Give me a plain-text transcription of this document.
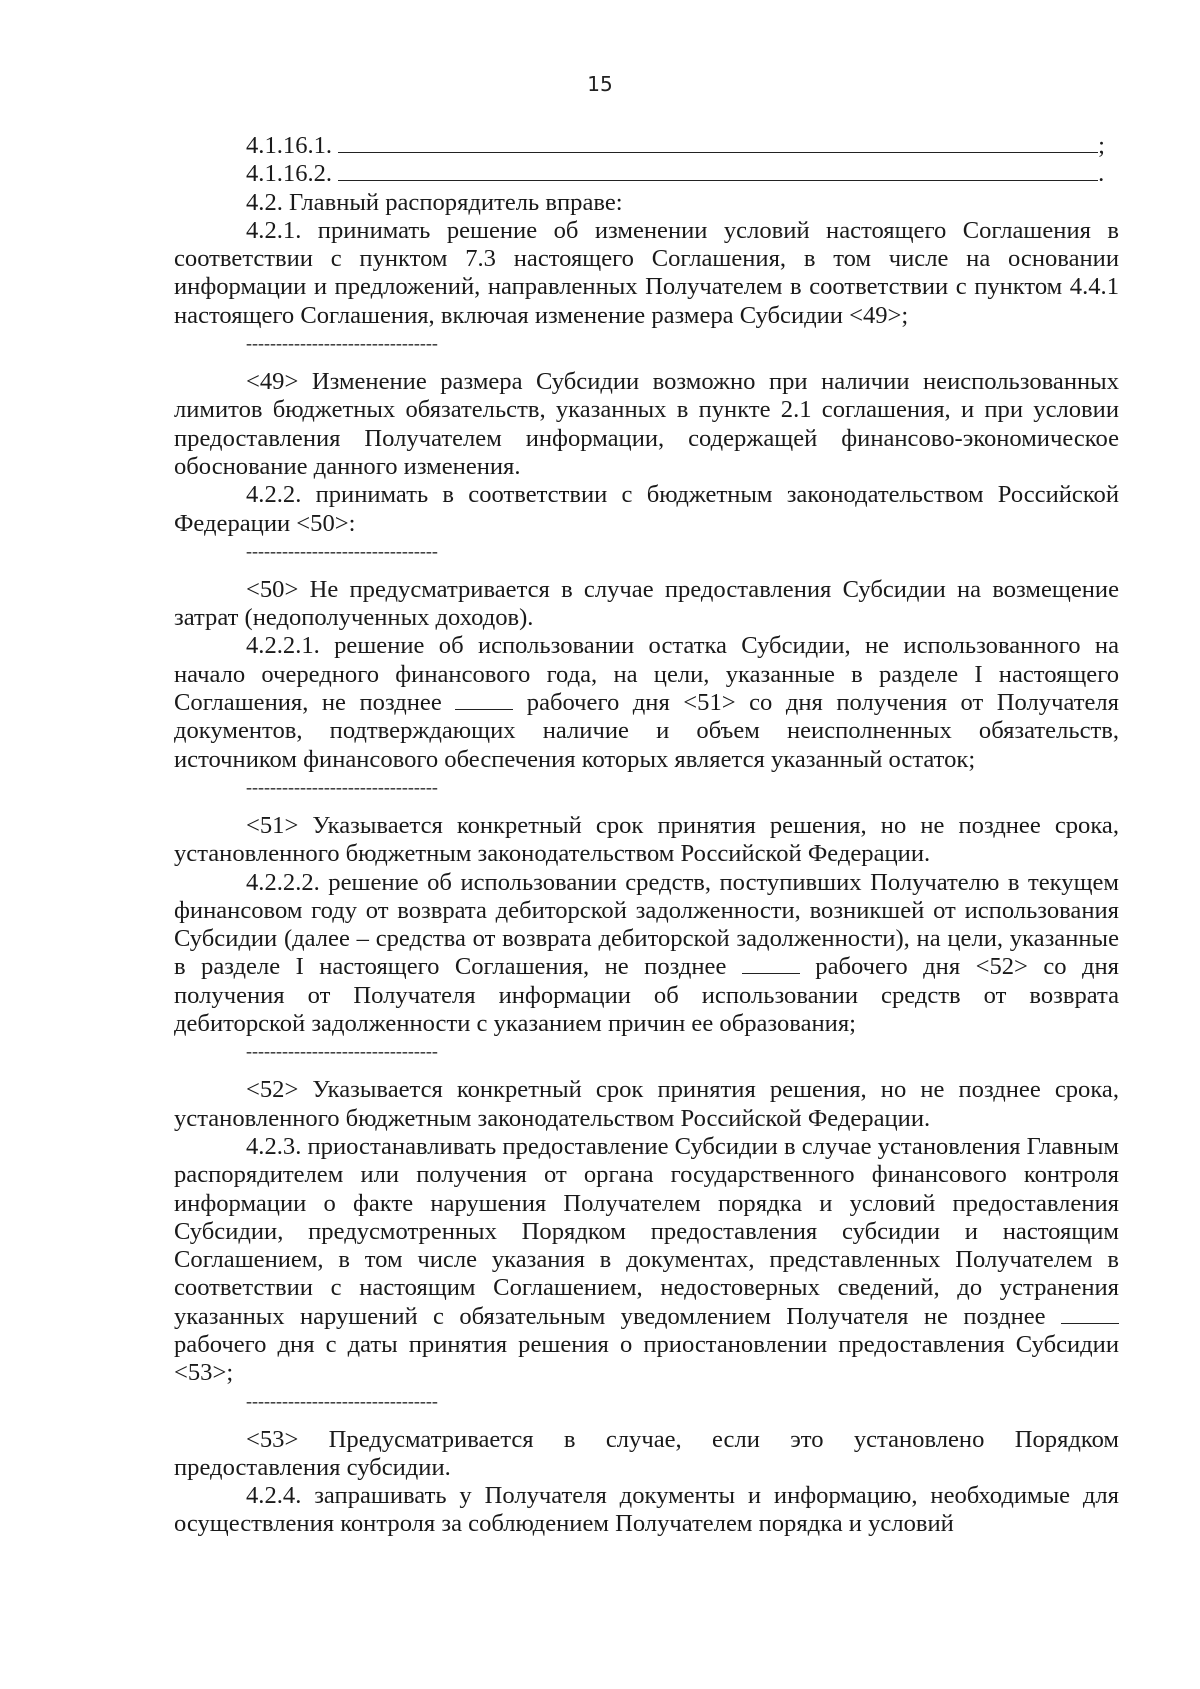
15

4.1.16.1.	;

4.1.16.2.	.

4.2. Главный распорядитель вправе:

4.2.1. принимать решение об изменении условий настоящего Соглашения в соответствии с пунктом 7.3 настоящего Соглашения, в том числе на основании информации и предложений, направленных Получателем в соответствии с пунктом 4.4.1 настоящего Соглашения, включая изменение размера Субсидии <49>;

--------------------------------

<49> Изменение размера Субсидии возможно при наличии неиспользованных лимитов бюджетных обязательств, указанных в пункте 2.1 соглашения, и при условии предоставления Получателем информации, содержащей финансово-экономическое обоснование данного изменения.

4.2.2. принимать в соответствии с бюджетным законодательством Российской Федерации <50>:

--------------------------------

<50> Не предусматривается в случае предоставления Субсидии на возмещение затрат (недополученных доходов).

4.2.2.1. решение об использовании остатка Субсидии, не использованного на начало очередного финансового года, на цели, указанные в разделе I настоящего Соглашения, не позднее  рабочего дня <51> со дня получения от Получателя документов, подтверждающих наличие и объем неисполненных обязательств, источником финансового обеспечения которых является указанный остаток;

--------------------------------

<51> Указывается конкретный срок принятия решения, но не позднее срока, установленного бюджетным законодательством Российской Федерации.

4.2.2.2. решение об использовании средств, поступивших Получателю в текущем финансовом году от возврата дебиторской задолженности, возникшей от использования Субсидии (далее – средства от возврата дебиторской задолженности), на цели, указанные в разделе I настоящего Соглашения, не позднее  рабочего дня <52> со дня получения от Получателя информации об использовании средств от возврата дебиторской задолженности с указанием причин ее образования;

--------------------------------

<52> Указывается конкретный срок принятия решения, но не позднее срока, установленного бюджетным законодательством Российской Федерации.

4.2.3. приостанавливать предоставление Субсидии в случае установления Главным распорядителем или получения от органа государственного финансового контроля информации о факте нарушения Получателем порядка и условий предоставления Субсидии, предусмотренных Порядком предоставления субсидии и настоящим Соглашением, в том числе указания в документах, представленных Получателем в соответствии с настоящим Соглашением, недостоверных сведений, до устранения указанных нарушений с обязательным уведомлением Получателя не позднее  рабочего дня с даты принятия решения о приостановлении предоставления Субсидии <53>;

--------------------------------

<53> Предусматривается в случае, если это установлено Порядком предоставления субсидии.

4.2.4. запрашивать у Получателя документы и информацию, необходимые для осуществления контроля за соблюдением Получателем порядка и условий
